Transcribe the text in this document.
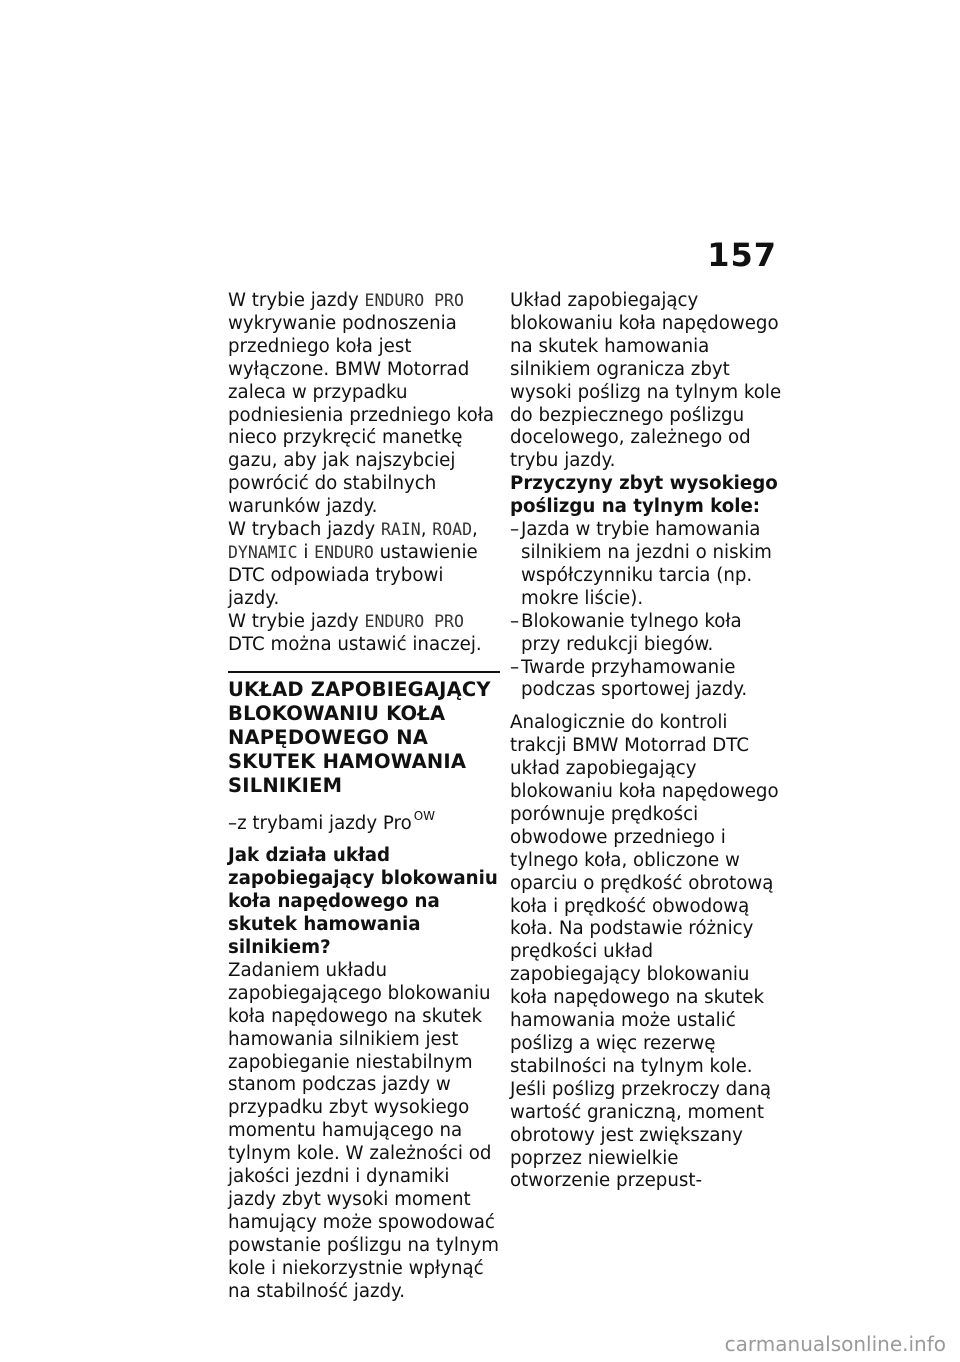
157

W trybie jazdy ENDURO PRO wykrywanie podnoszenia przedniego koła jest wyłączone. BMW Motorrad zaleca w przypadku podniesienia przedniego koła nieco przykręcić manetkę gazu, aby jak najszybciej powrócić do stabilnych warunków jazdy.

W trybach jazdy RAIN, ROAD, DYNAMIC i ENDURO ustawienie DTC odpowiada trybowi jazdy.

W trybie jazdy ENDURO PRO DTC można ustawić inaczej.

UKŁAD ZAPOBIEGAJĄCY BLOKOWANIU KOŁA NAPĘDOWEGO NA SKUTEK HAMOWANIA SILNIKIEM

–z trybami jazdy Pro $^{OW}$

Jak działa układ zapobiegający blokowaniu koła napędowego na skutek hamowania silnikiem?

Zadaniem układu zapobiegającego blokowaniu koła napędowego na skutek hamowania silnikiem jest zapobieganie niestabilnym stanom podczas jazdy w przypadku zbyt wysokiego momentu hamującego na tylnym kole. W zależności od jakości jezdni i dynamiki jazdy zbyt wysoki moment hamujący może spowodować powstanie poślizgu na tylnym kole i niekorzystnie wpłynąć na stabilność jazdy.

Układ zapobiegający blokowaniu koła napędowego na skutek hamowania silnikiem ogranicza zbyt wysoki poślizg na tylnym kole do bezpiecznego poślizgu docelowego, zależnego od trybu jazdy.

Przyczyny zbyt wysokiego poślizgu na tylnym kole:

– Jazda w trybie hamowania silnikiem na jezdni o niskim współczynniku tarcia (np. mokre liście).
– Blokowanie tylnego koła przy redukcji biegów.
– Twarde przyhamowanie podczas sportowej jazdy.

Analogicznie do kontroli trakcji BMW Motorrad DTC układ zapobiegający blokowaniu koła napędowego porównuje prędkości obwodowe przedniego i tylnego koła, obliczone w oparciu o prędkość obrotową koła i prędkość obwodową koła. Na podstawie różnicy prędkości układ zapobiegający blokowaniu koła napędowego na skutek hamowania może ustalić poślizg a więc rezerwę stabilności na tylnym kole.

Jeśli poślizg przekroczy daną wartość graniczną, moment obrotowy jest zwiększany poprzez niewielkie otworzenie przepust-

carmanualsonline.info
